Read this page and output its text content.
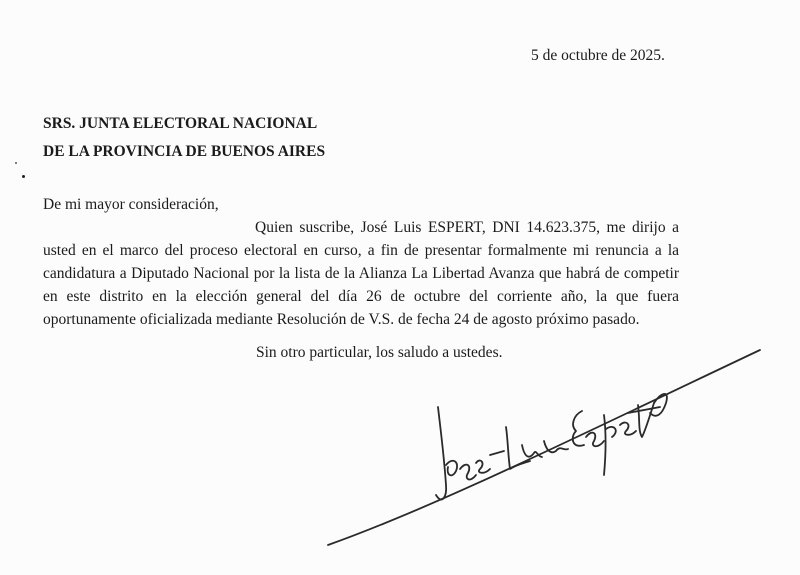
5 de octubre de 2025.
SRS. JUNTA ELECTORAL NACIONAL
DE LA PROVINCIA DE BUENOS AIRES
De mi mayor consideración,

Quien suscribe, José Luis ESPERT, DNI 14.623.375, me dirijo a usted en el marco del proceso electoral en curso, a fin de presentar formalmente mi renuncia a la candidatura a Diputado Nacional por la lista de la Alianza La Libertad Avanza que habrá de competir en este distrito en la elección general del día 26 de octubre del corriente año, la que fuera oportunamente oficializada mediante Resolución de V.S. de fecha 24 de agosto próximo pasado.

Sin otro particular, los saludo a ustedes.
